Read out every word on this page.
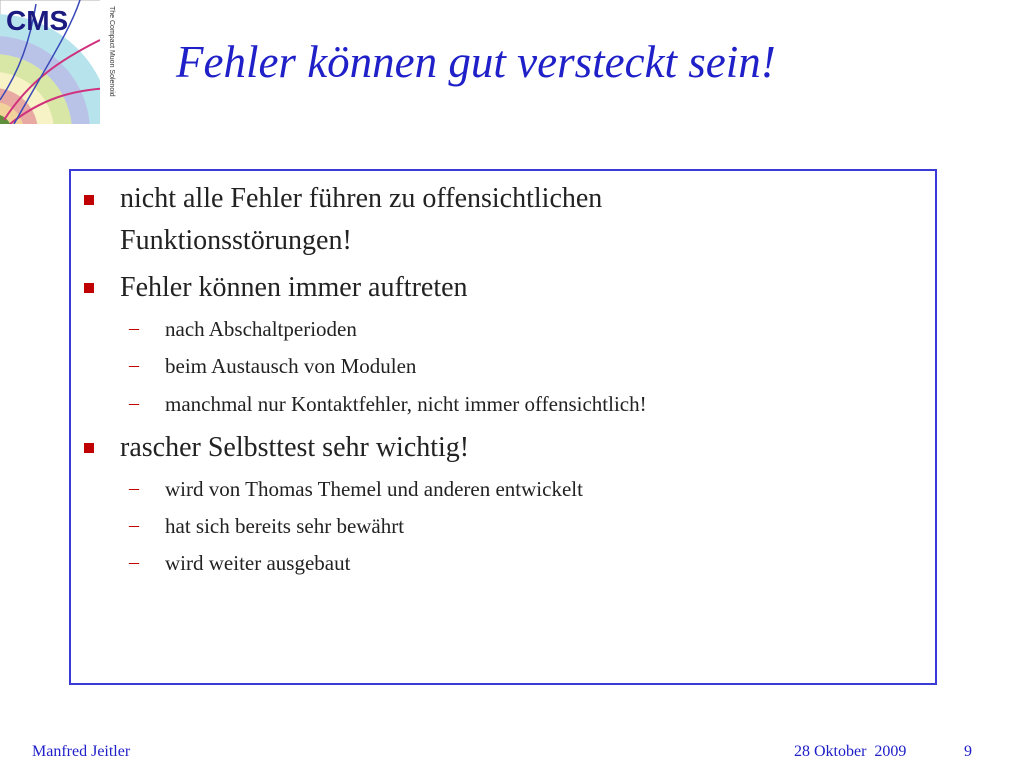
The Compact Muon Solenoid
CMS
Fehler können gut versteckt sein!
nicht alle Fehler führen zu offensichtlichen
Funktionsstörungen!
Fehler können immer auftreten
– nach Abschaltperioden
– beim Austausch von Modulen
– manchmal nur Kontaktfehler, nicht immer offensichtlich!
rascher Selbsttest sehr wichtig!
– wird von Thomas Themel und anderen entwickelt
– hat sich bereits sehr bewährt
– wird weiter ausgebaut
Manfred Jeitler	28 Oktober  2009	9
